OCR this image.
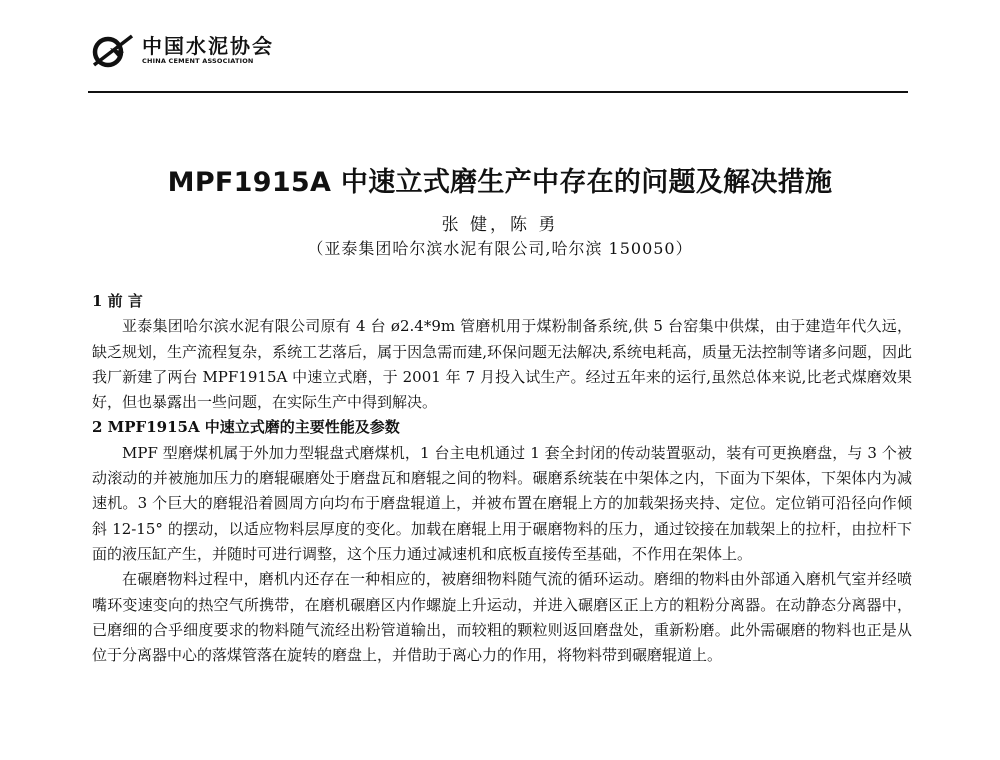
中国水泥协会
CHINA CEMENT ASSOCIATION
MPF1915A 中速立式磨生产中存在的问题及解决措施
张 健，陈 勇
（亚泰集团哈尔滨水泥有限公司,哈尔滨 150050）

1 前 言

亚泰集团哈尔滨水泥有限公司原有 4 台 ø2.4*9m 管磨机用于煤粉制备系统,供 5 台窑集中供煤，由于建造年代久远，缺乏规划，生产流程复杂，系统工艺落后，属于因急需而建,环保问题无法解决,系统电耗高，质量无法控制等诸多问题，因此我厂新建了两台 MPF1915A 中速立式磨，于 2001 年 7 月投入试生产。经过五年来的运行,虽然总体来说,比老式煤磨效果好，但也暴露出一些问题，在实际生产中得到解决。

2 MPF1915A 中速立式磨的主要性能及参数

MPF 型磨煤机属于外加力型辊盘式磨煤机，1 台主电机通过 1 套全封闭的传动装置驱动，装有可更换磨盘，与 3 个被动滚动的并被施加压力的磨辊碾磨处于磨盘瓦和磨辊之间的物料。碾磨系统装在中架体之内，下面为下架体，下架体内为减速机。3 个巨大的磨辊沿着圆周方向均布于磨盘辊道上，并被布置在磨辊上方的加载架扬夹持、定位。定位销可沿径向作倾斜 12-15° 的摆动，以适应物料层厚度的变化。加载在磨辊上用于碾磨物料的压力，通过铰接在加载架上的拉杆，由拉杆下面的液压缸产生，并随时可进行调整，这个压力通过减速机和底板直接传至基础，不作用在架体上。

在碾磨物料过程中，磨机内还存在一种相应的，被磨细物料随气流的循环运动。磨细的物料由外部通入磨机气室并经喷嘴环变速变向的热空气所携带，在磨机碾磨区内作螺旋上升运动，并进入碾磨区正上方的粗粉分离器。在动静态分离器中，已磨细的合乎细度要求的物料随气流经出粉管道输出，而较粗的颗粒则返回磨盘处，重新粉磨。此外需碾磨的物料也正是从位于分离器中心的落煤管落在旋转的磨盘上，并借助于离心力的作用，将物料带到碾磨辊道上。
